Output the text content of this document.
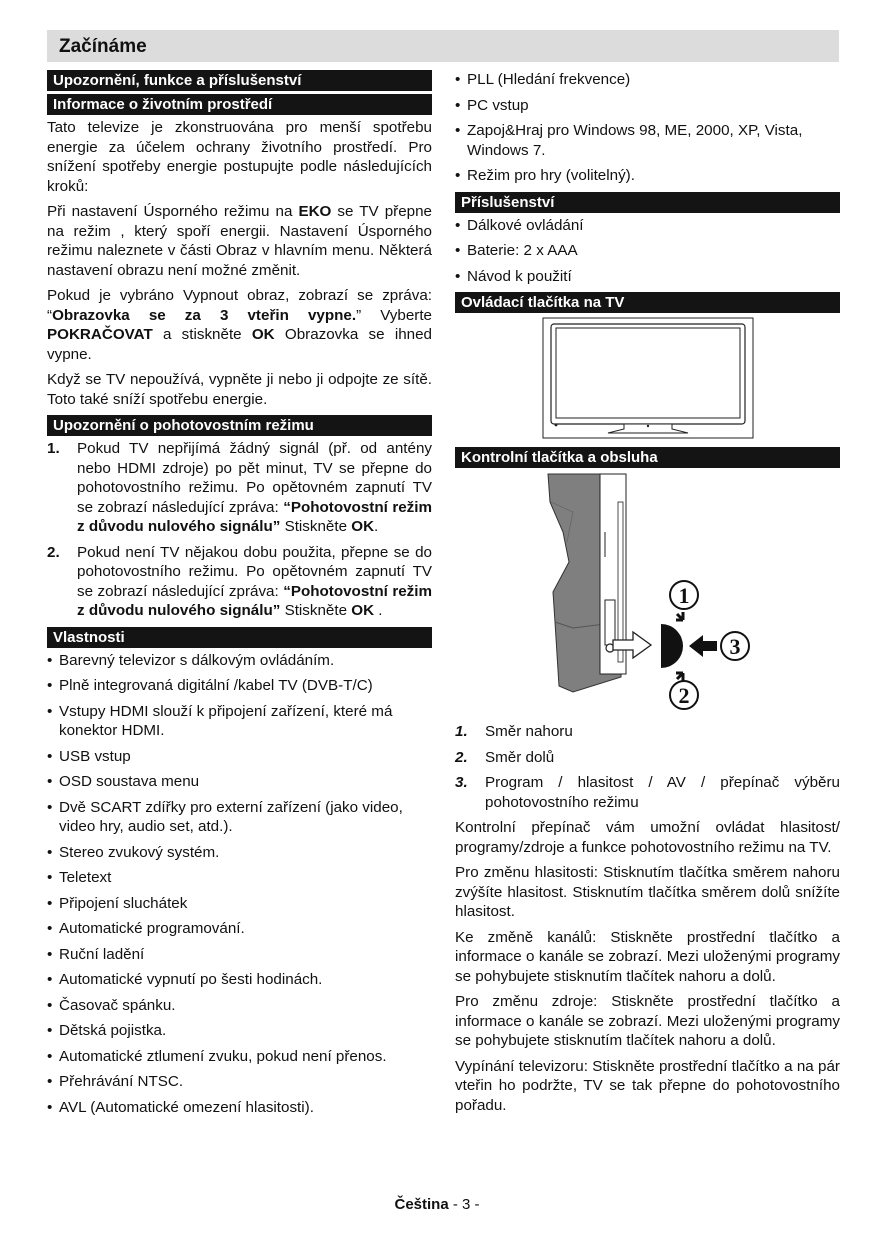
Začínáme
Upozornění, funkce a příslušenství
Informace o životním prostředí

Tato televize je zkonstruována pro menší spotřebu energie za účelem ochrany životního prostředí. Pro snížení spotřeby energie postupujte podle následujících kroků:

Při nastavení Úsporného režimu na EKO se TV přepne na režim , který spoří energii. Nastavení Úsporného režimu naleznete v části Obraz v hlavním menu. Některá nastavení obrazu není možné změnit.

Pokud je vybráno Vypnout obraz, zobrazí se zpráva: “Obrazovka se za 3 vteřin vypne.” Vyberte POKRAČOVAT a stiskněte OK Obrazovka se ihned vypne.

Když se TV nepoužívá, vypněte ji nebo ji odpojte ze sítě. Toto také sníží spotřebu energie.

Upozornění o pohotovostním režimu
1. Pokud TV nepřijímá žádný signál (př. od antény nebo HDMI zdroje) po pět minut, TV se přepne do pohotovostního režimu. Po opětovném zapnutí TV se zobrazí následující zpráva: “Pohotovostní režim z důvodu nulového signálu” Stiskněte OK.
2. Pokud není TV nějakou dobu použita, přepne se do pohotovostního režimu. Po opětovném zapnutí TV se zobrazí následující zpráva: “Pohotovostní režim z důvodu nulového signálu” Stiskněte OK .
Vlastnosti
• Barevný televizor s dálkovým ovládáním.
• Plně integrovaná digitální /kabel TV (DVB-T/C)
• Vstupy HDMI slouží k připojení zařízení, které má konektor HDMI.
• USB vstup
• OSD soustava menu
• Dvě SCART zdířky pro externí zařízení (jako video, video hry, audio set, atd.).
• Stereo zvukový systém.
• Teletext
• Připojení sluchátek
• Automatické programování.
• Ruční ladění
• Automatické vypnutí po šesti hodinách.
• Časovač spánku.
• Dětská pojistka.
• Automatické ztlumení zvuku, pokud není přenos.
• Přehrávání NTSC.
• AVL (Automatické omezení hlasitosti).
• PLL (Hledání frekvence)
• PC vstup
• Zapoj&Hraj pro Windows 98, ME, 2000, XP, Vista, Windows 7.
• Režim pro hry (volitelný).
Příslušenství
• Dálkové ovládání
• Baterie: 2 x AAA
• Návod k použití
Ovládací tlačítka na TV
Kontrolní tlačítka a obsluha
1
2
3
1. Směr nahoru
2. Směr dolů
3. Program / hlasitost / AV / přepínač výběru pohotovostního režimu

Kontrolní přepínač vám umožní ovládat hlasitost/ programy/zdroje a funkce pohotovostního režimu na TV.

Pro změnu hlasitosti: Stisknutím tlačítka směrem nahoru zvýšíte hlasitost. Stisknutím tlačítka směrem dolů snížíte hlasitost.

Ke změně kanálů: Stiskněte prostřední tlačítko a informace o kanále se zobrazí. Mezi uloženými programy se pohybujete stisknutím tlačítek nahoru a dolů.

Pro změnu zdroje: Stiskněte prostřední tlačítko a informace o kanále se zobrazí. Mezi uloženými programy se pohybujete stisknutím tlačítek nahoru a dolů.

Vypínání televizoru: Stiskněte prostřední tlačítko a na pár vteřin ho podržte, TV se tak přepne do pohotovostního pořadu.

Čeština - 3 -
